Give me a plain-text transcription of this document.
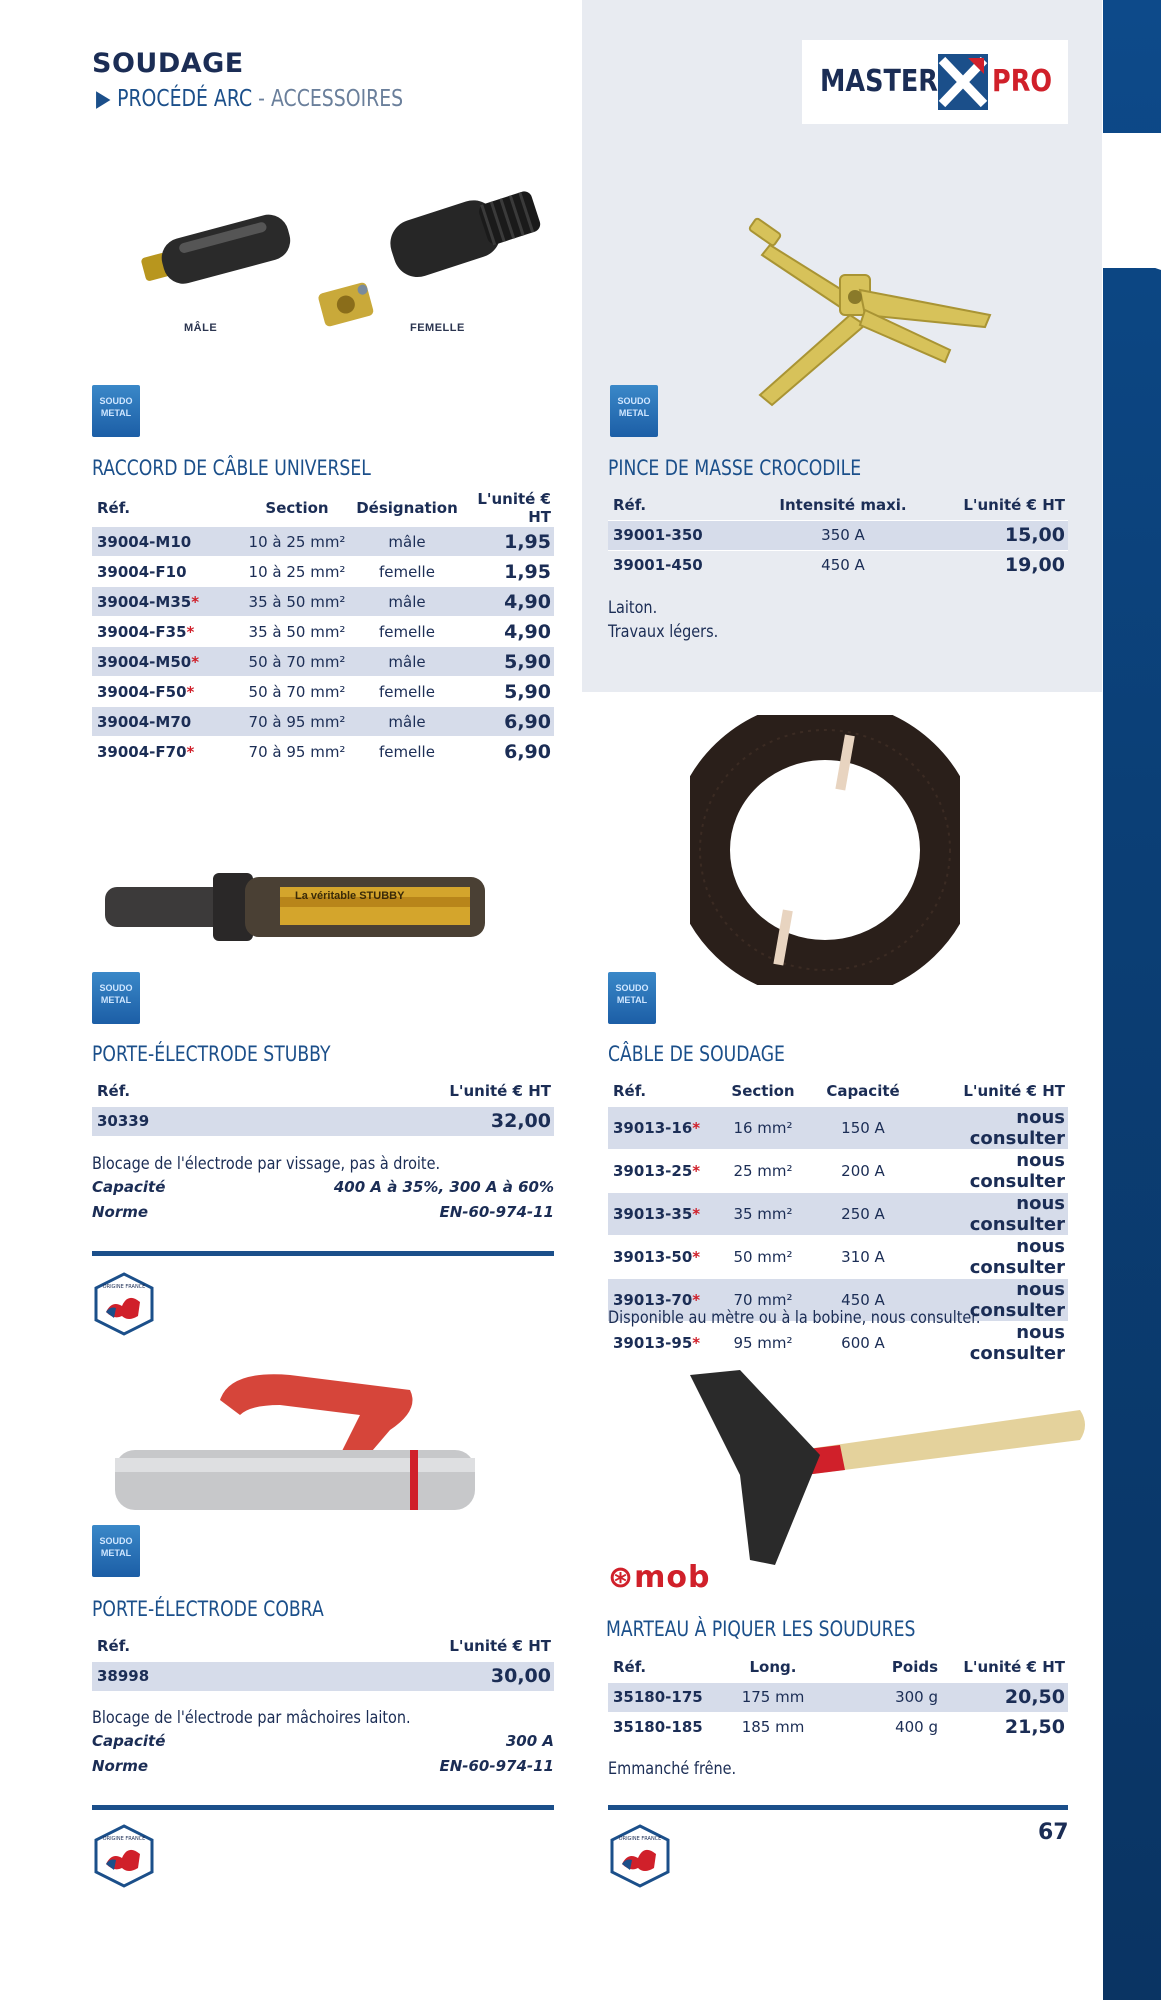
SOUDAGE
▶ PROCÉDÉ ARC - ACCESSOIRES	MASTER PRO
MÂLE	FEMELLE
SOUDO
METAL
SOUDO
METAL
SOUDO
METAL
SOUDO
METAL
SOUDO
METAL
RACCORD DE CÂBLE UNIVERSEL
Réf.	Section	Désignation	L'unité € HT
39004-M10	10 à 25 mm²	mâle	1,95
39004-F10	10 à 25 mm²	femelle	1,95
39004-M35*	35 à 50 mm²	mâle	4,90
39004-F35*	35 à 50 mm²	femelle	4,90
39004-M50*	50 à 70 mm²	mâle	5,90
39004-F50*	50 à 70 mm²	femelle	5,90
39004-M70	70 à 95 mm²	mâle	6,90
39004-F70*	70 à 95 mm²	femelle	6,90
PINCE DE MASSE CROCODILE
Réf.	Intensité maxi.	L'unité € HT
39001-350	350 A	15,00
39001-450	450 A	19,00
Laiton.
Travaux légers.
La véritable STUBBY
PORTE-ÉLECTRODE STUBBY
Réf.	L'unité € HT
30339	32,00
Blocage de l'électrode par vissage, pas à droite.
Capacité	400 A à 35%, 300 A à 60%
Norme	EN-60-974-11
ORIGINE FRANCE
CÂBLE DE SOUDAGE
Réf.	Section	Capacité	L'unité € HT
39013-16*	16 mm²	150 A	nous consulter
39013-25*	25 mm²	200 A	nous consulter
39013-35*	35 mm²	250 A	nous consulter
39013-50*	50 mm²	310 A	nous consulter
39013-70*	70 mm²	450 A	nous consulter
39013-95*	95 mm²	600 A	nous consulter
Disponible au mètre ou à la bobine, nous consulter.
PORTE-ÉLECTRODE COBRA
Réf.	L'unité € HT
38998	30,00
Blocage de l'électrode par mâchoires laiton.
Capacité	300 A
Norme	EN-60-974-11
ORIGINE FRANCE
⊛mob
MARTEAU À PIQUER LES SOUDURES
Réf.	Long.	Poids	L'unité € HT
35180-175	175 mm	300 g	20,50
35180-185	185 mm	400 g	21,50
Emmanché frêne.
ORIGINE FRANCE	67
